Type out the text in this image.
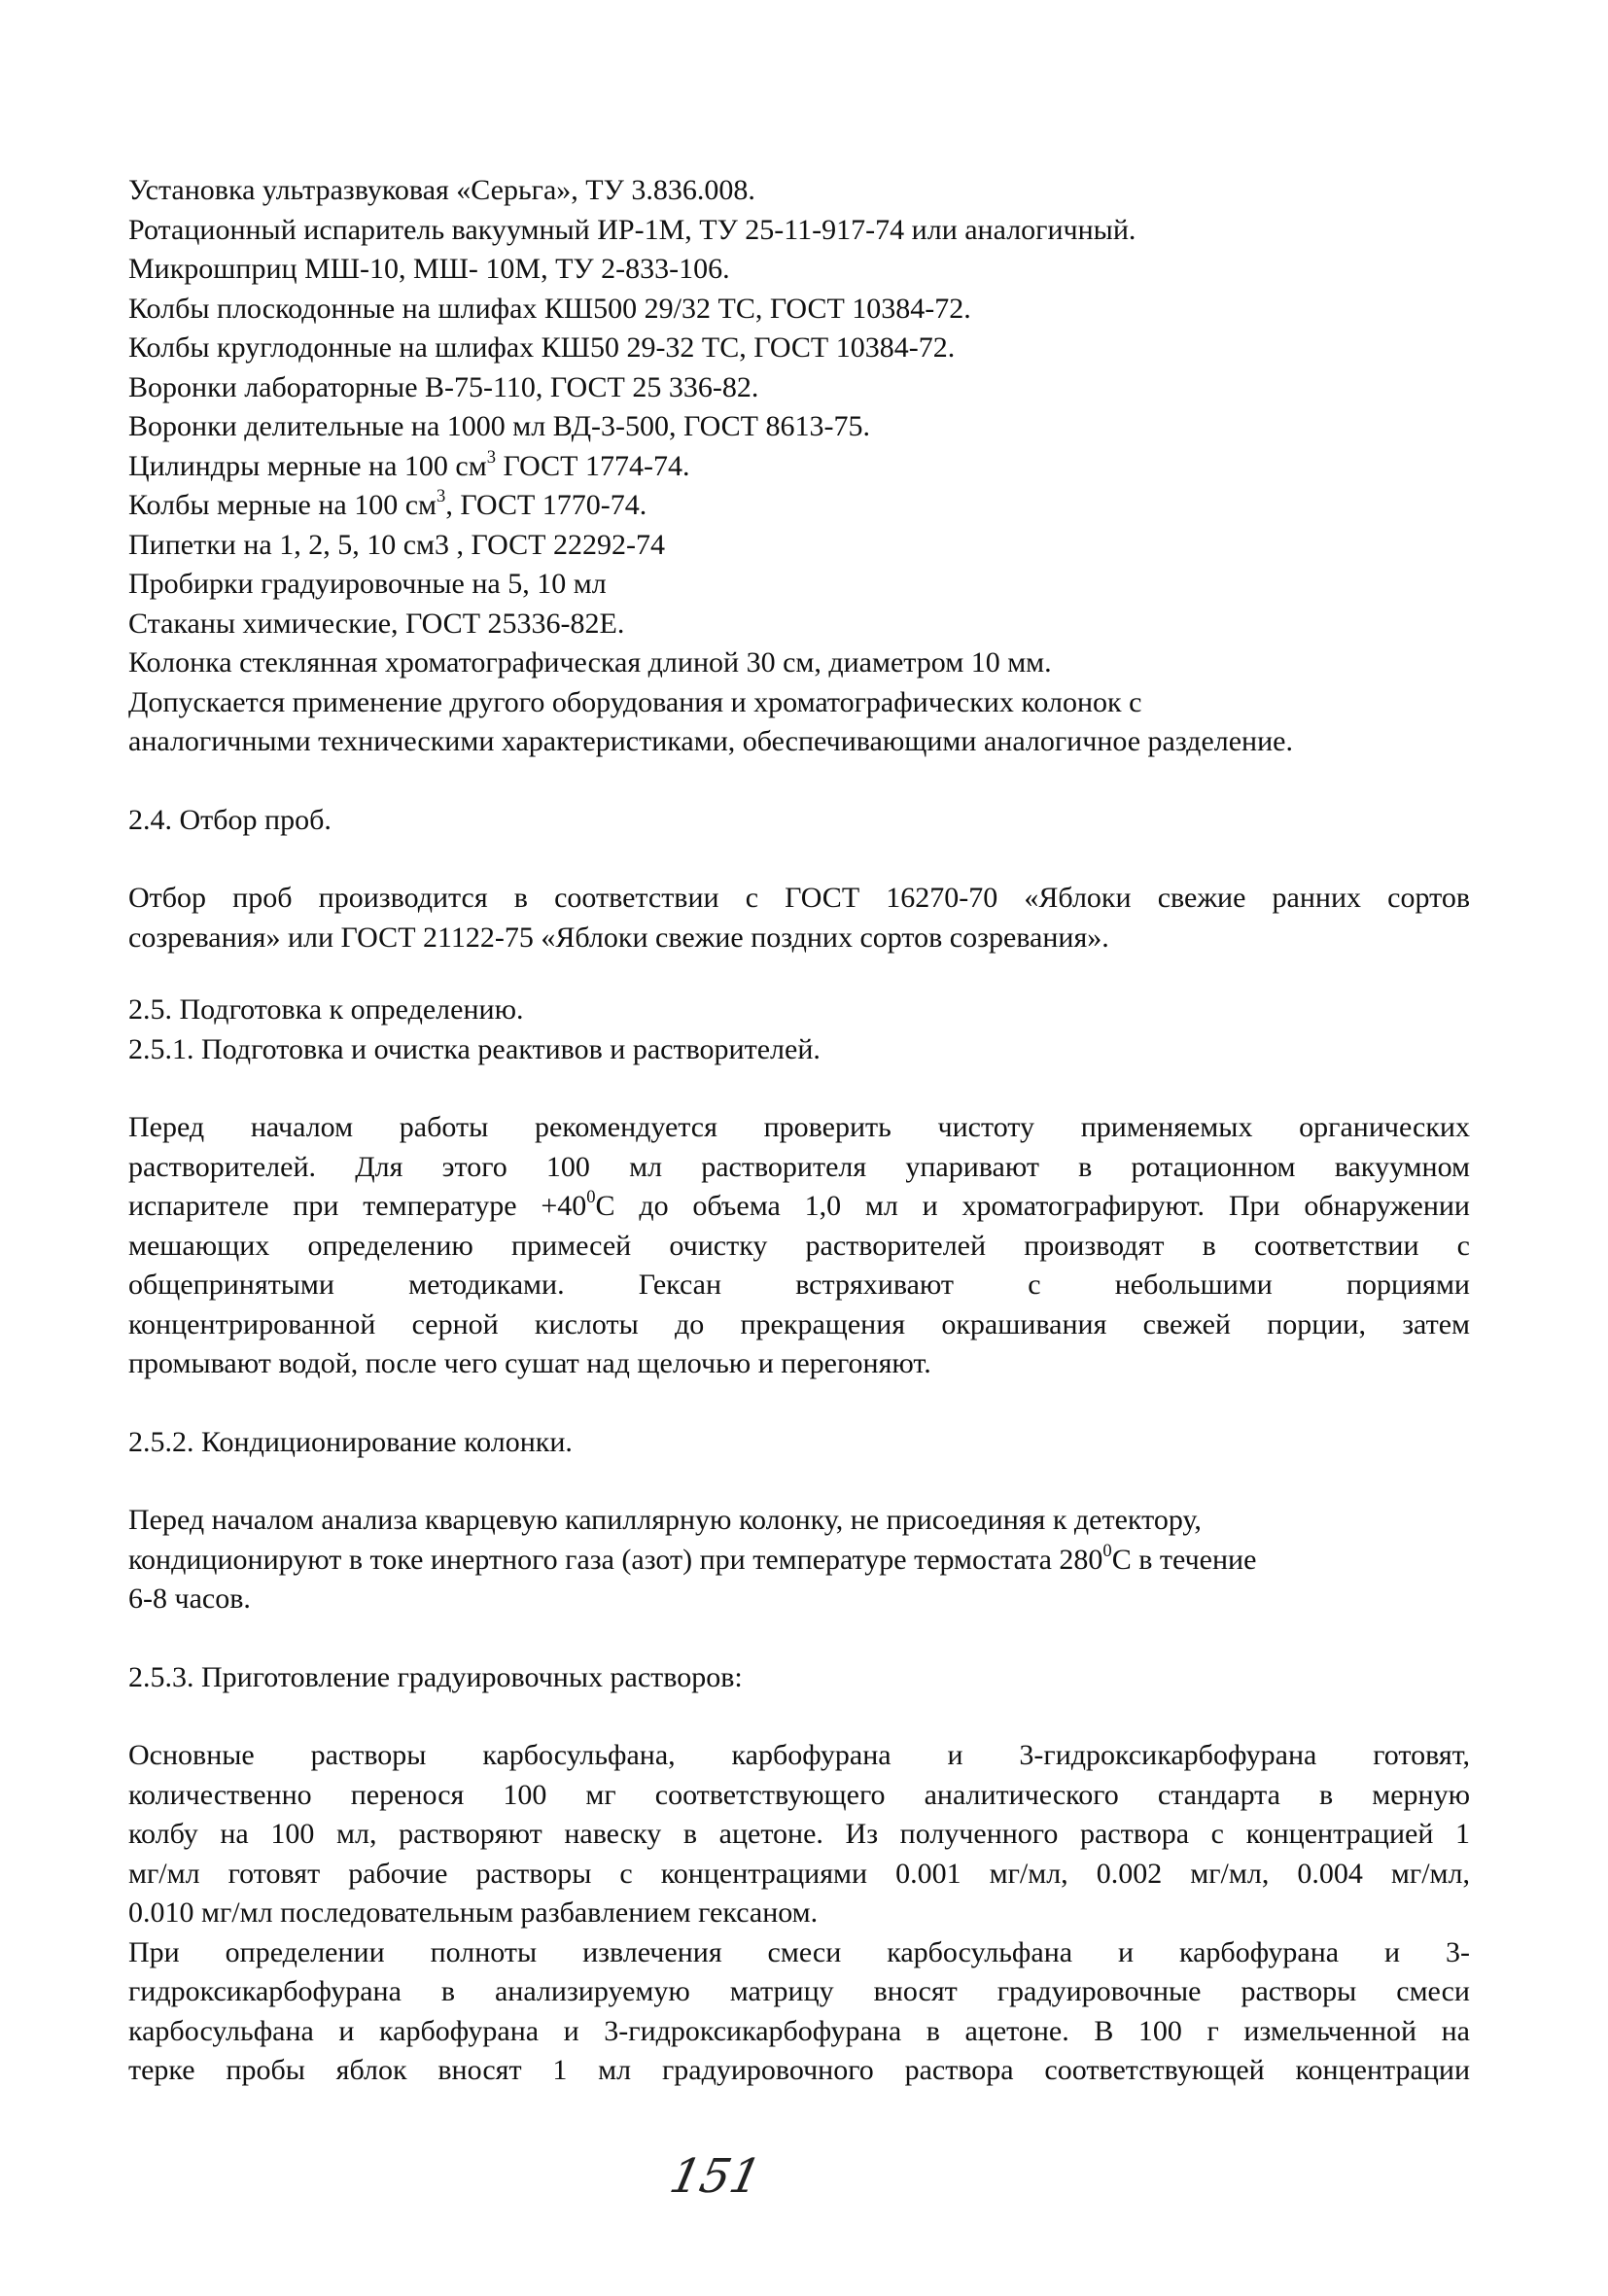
Установка ультразвуковая «Серьга», ТУ 3.836.008.
Ротационный испаритель вакуумный ИР-1М, ТУ 25-11-917-74 или аналогичный.
Микрошприц МШ-10, МШ- 10М, ТУ 2-833-106.
Колбы плоскодонные на шлифах КШ500 29/32 ТС, ГОСТ 10384-72.
Колбы круглодонные на шлифах КШ50 29-32 ТС, ГОСТ 10384-72.
Воронки лабораторные В-75-110, ГОСТ 25 336-82.
Воронки делительные на 1000 мл ВД-3-500, ГОСТ 8613-75.
Цилиндры мерные на 100 $см^3$ ГОСТ 1774-74.
Колбы мерные на 100 $см^3$, ГОСТ 1770-74.
Пипетки на 1, 2, 5, 10 см3 , ГОСТ 22292-74
Пробирки градуировочные на 5, 10 мл
Стаканы химические, ГОСТ 25336-82Е.
Колонка стеклянная хроматографическая длиной 30 см, диаметром 10 мм.
Допускается применение другого оборудования и хроматографических колонок с
аналогичными техническими характеристиками, обеспечивающими аналогичное разделение.
2.4. Отбор проб.
Отбор проб производится в соответствии с ГОСТ 16270-70 «Яблоки свежие ранних сортов
созревания» или ГОСТ 21122-75 «Яблоки свежие поздних сортов созревания».
2.5. Подготовка к определению.
2.5.1. Подготовка и очистка реактивов и растворителей.
Перед началом работы рекомендуется проверить чистоту применяемых органических
растворителей. Для этого 100 мл растворителя упаривают в ротационном вакуумном
испарителе при температуре $+40^0С$ до объема 1,0 мл и хроматографируют. При обнаружении
мешающих определению примесей очистку растворителей производят в соответствии с
общепринятыми методиками. Гексан встряхивают с небольшими порциями
концентрированной серной кислоты до прекращения окрашивания свежей порции, затем
промывают водой, после чего сушат над щелочью и перегоняют.
2.5.2. Кондиционирование колонки.
Перед началом анализа кварцевую капиллярную колонку, не присоединяя к детектору,
кондиционируют в токе инертного газа (азот) при температуре термостата $280^0С$ в течение
6-8 часов.
2.5.3. Приготовление градуировочных растворов:
Основные растворы карбосульфана, карбофурана и 3-гидроксикарбофурана готовят,
количественно перенося 100 мг соответствующего аналитического стандарта в мерную
колбу на 100 мл, растворяют навеску в ацетоне. Из полученного раствора с концентрацией 1
мг/мл готовят рабочие растворы с концентрациями 0.001 мг/мл, 0.002 мг/мл, 0.004 мг/мл,
0.010 мг/мл последовательным разбавлением гексаном.
При определении полноты извлечения смеси карбосульфана и карбофурана и 3-
гидроксикарбофурана в анализируемую матрицу вносят градуировочные растворы смеси
карбосульфана и карбофурана и 3-гидроксикарбофурана в ацетоне. В 100 г измельченной на
терке пробы яблок вносят 1 мл градуировочного раствора соответствующей концентрации
151
